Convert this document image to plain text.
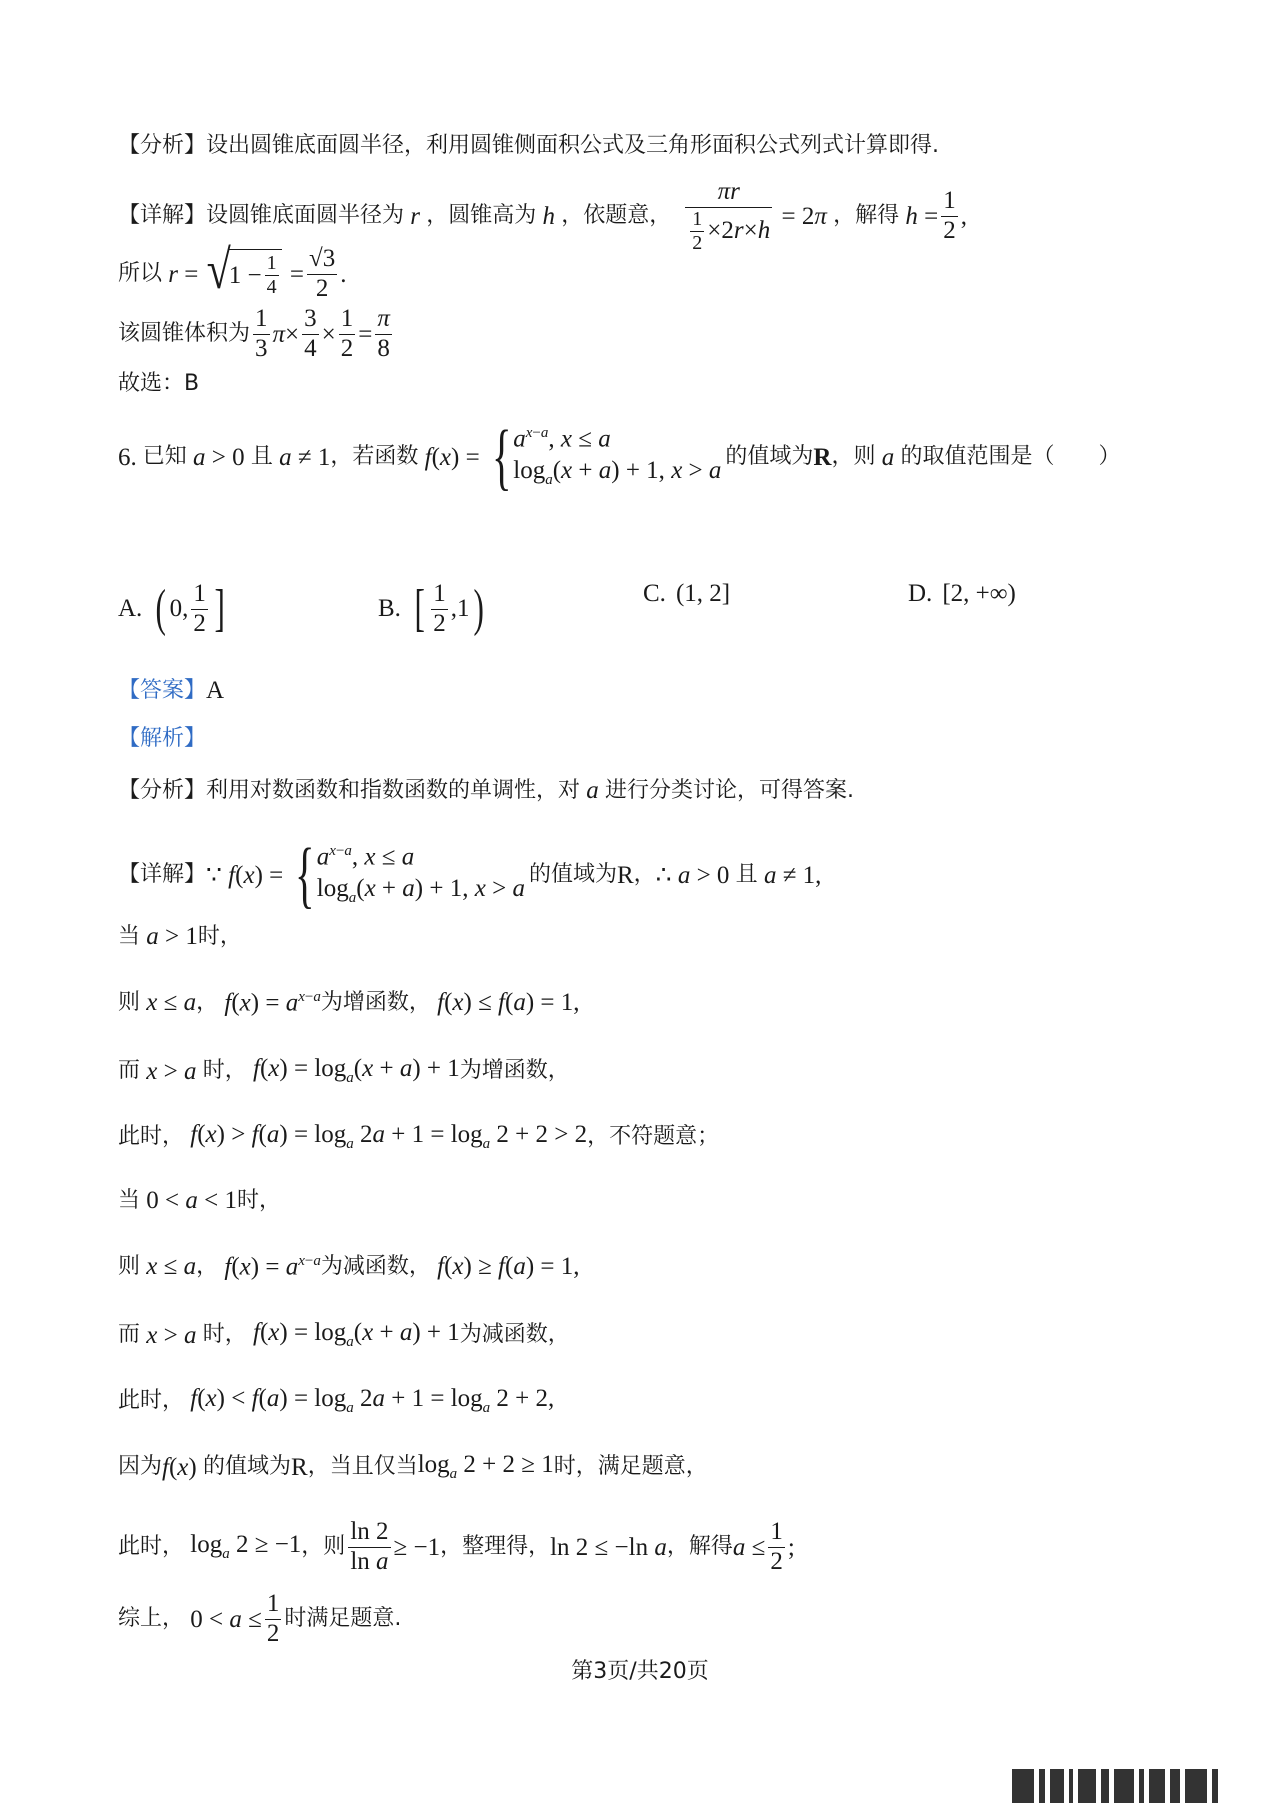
【分析】 设出圆锥底面圆半径，利用圆锥侧面积公式及三角形面积公式列式计算即得.
【详解】 设圆锥底面圆半径为 r ，圆锥高为 h ，依题意， $\frac{\pi r}{\frac{1}{2} \times 2 r \times h} = 2\pi$ ，解得 $h = \frac{1}{2}$ ,
所以 r = √
$1 - \frac{1}{4} = \frac{√3}{2}$ .
该圆锥体积为 $\frac{1}{3}$ $\pi \times \frac{3}{4} \times \frac{1}{2} = \frac{\pi}{8}$
故选：B
6. 已知 a > 0 且 a ≠ 1 ，若函数 f(x) = { $a^{x-a}$, x ≤ a
$\log_a(x + a) + 1$, x > a
的值域为 R ，则 a 的取值范围是（　　）
A. ( 0, $\frac{1}{2}$ ]	B. [ $\frac{1}{2} ,1$ )	C. (1, 2]	D. [2, +∞)
【答案】 A
【解析】
【分析】 利用对数函数和指数函数的单调性，对 a 进行分类讨论，可得答案.
【详解】 ∵ f(x) = { $a^{x-a}$, x ≤ a
$\log_a(x + a) + 1$, x > a
的值域为 R ， ∴ a > 0 且 a ≠ 1,
当 a > 1 时，
则 x ≤ a ， $f(x) = a^{x-a}$ 为增函数， f(x) ≤ f(a) = 1,
而 x > a 时， $f(x) = \log_a(x + a) + 1$ 为增函数，
此时， $f(x) > f(a) = \log_a 2a + 1 = \log_a 2 + 2 > 2$ ，不符题意；
当 0 < a < 1 时，
则 x ≤ a ， $f(x) = a^{x-a}$ 为减函数， f(x) ≥ f(a) = 1,
而 x > a 时， $f(x) = \log_a(x + a) + 1$ 为减函数，
此时， $f(x) < f(a) = \log_a 2a + 1 = \log_a 2 + 2$,
因为 f(x) 的值域为 R ，当且仅当 $\log_a 2 + 2 \ge 1$ 时，满足题意，
此时， $\log_a 2 \ge -1$ ，则 $\frac{\ln 2}{\text{ln a}} \ge -1$ ，整理得， ln 2 ≤ −ln a ，解得 $a \le \frac{1}{2}$ ;
综上， $0 < a \le \frac{1}{2}$ 时满足题意.
第3页/共20页
